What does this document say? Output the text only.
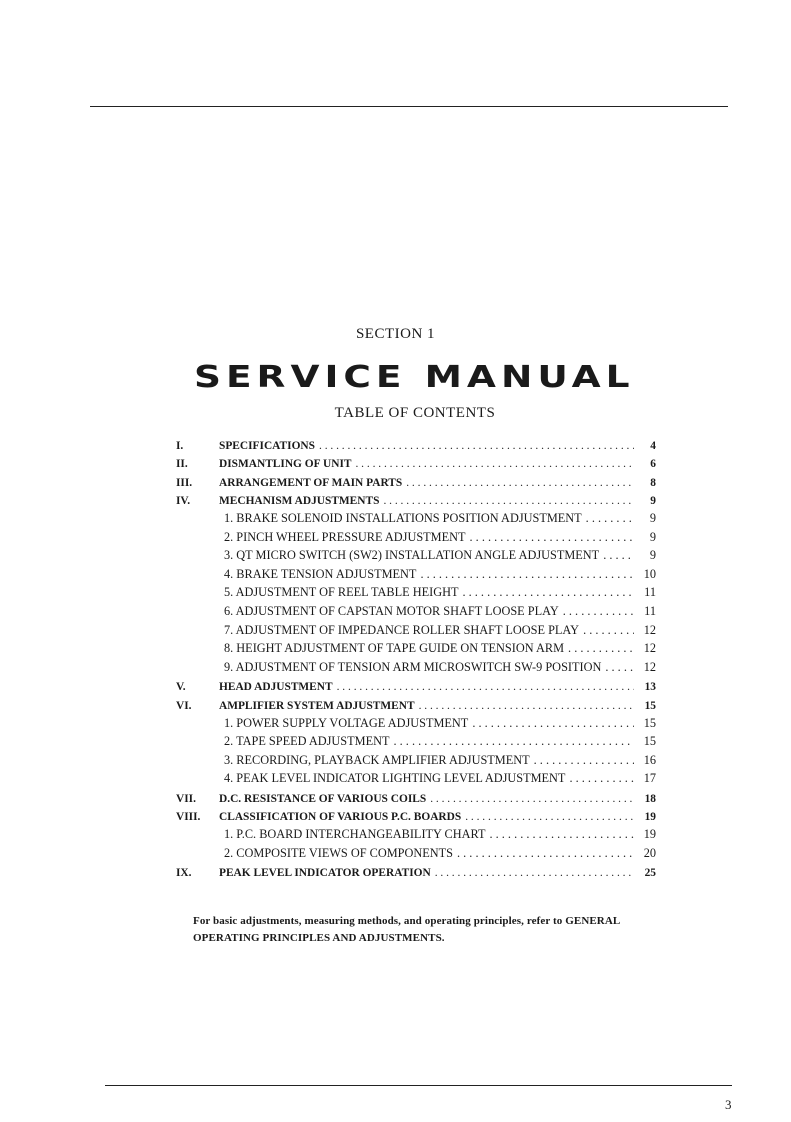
SECTION 1
SERVICE MANUAL
TABLE OF CONTENTS
I.	SPECIFICATIONS . . .	4
II.	DISMANTLING OF UNIT . . .	6
III.	ARRANGEMENT OF MAIN PARTS . . .	8
IV.	MECHANISM ADJUSTMENTS . . .	9
1. BRAKE SOLENOID INSTALLATIONS POSITION ADJUSTMENT . . .	9
2. PINCH WHEEL PRESSURE ADJUSTMENT . . .	9
3. QT MICRO SWITCH (SW2) INSTALLATION ANGLE ADJUSTMENT . . .	9
4. BRAKE TENSION ADJUSTMENT . . .	10
5. ADJUSTMENT OF REEL TABLE HEIGHT . . .	11
6. ADJUSTMENT OF CAPSTAN MOTOR SHAFT LOOSE PLAY . . .	11
7. ADJUSTMENT OF IMPEDANCE ROLLER SHAFT LOOSE PLAY . . .	12
8. HEIGHT ADJUSTMENT OF TAPE GUIDE ON TENSION ARM . . .	12
9. ADJUSTMENT OF TENSION ARM MICROSWITCH SW-9 POSITION . . .	12
V.	HEAD ADJUSTMENT . . .	13
VI.	AMPLIFIER SYSTEM ADJUSTMENT . . .	15
1. POWER SUPPLY VOLTAGE ADJUSTMENT . . .	15
2. TAPE SPEED ADJUSTMENT . . .	15
3. RECORDING, PLAYBACK AMPLIFIER ADJUSTMENT . . .	16
4. PEAK LEVEL INDICATOR LIGHTING LEVEL ADJUSTMENT . . .	17
VII.	D.C. RESISTANCE OF VARIOUS COILS . . .	18
VIII.	CLASSIFICATION OF VARIOUS P.C. BOARDS . . .	19
1. P.C. BOARD INTERCHANGEABILITY CHART . . .	19
2. COMPOSITE VIEWS OF COMPONENTS . . .	20
IX.	PEAK LEVEL INDICATOR OPERATION . . .	25
For basic adjustments, measuring methods, and operating principles, refer to GENERAL OPERATING PRINCIPLES AND ADJUSTMENTS.
3
